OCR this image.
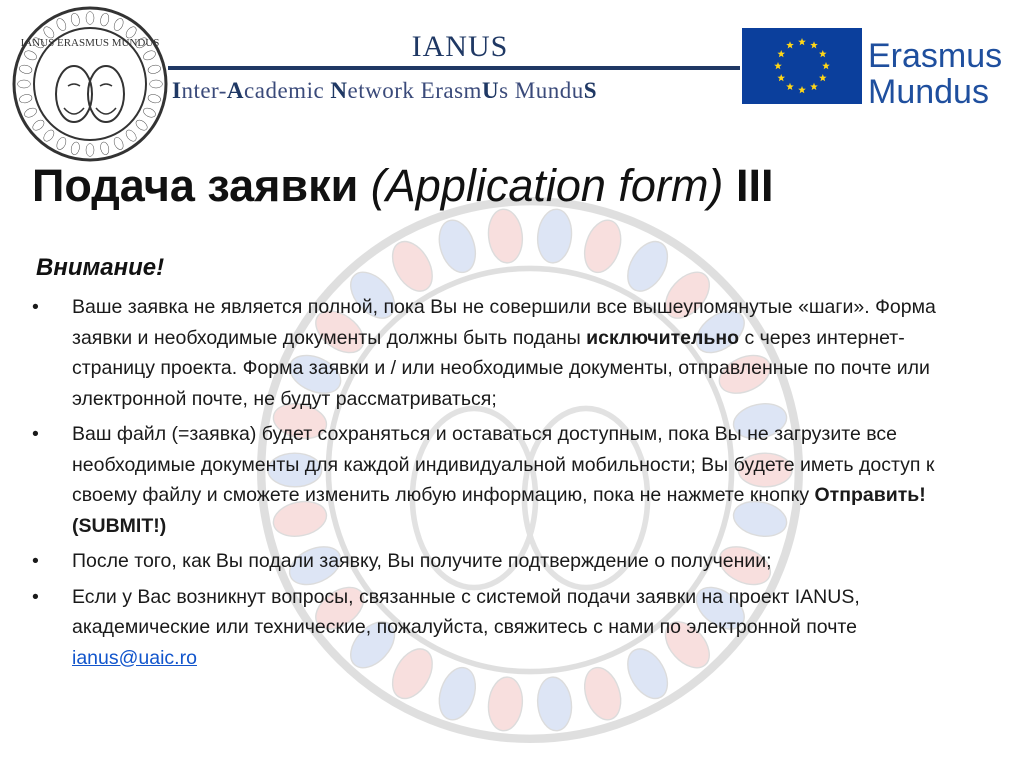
IANUS ERASMUS MUNDUS	IANUS
Inter-Academic Network ErasmUs MunduS
Erasmus
Mundus
Подача заявки (Application form) III
Внимание!
• Ваше заявка не является полной, пока Вы не совершили все вышеупомянутые «шаги». Форма заявки и необходимые документы должны быть поданы исключительно с через интернет-страницу проекта. Форма заявки и / или необходимые документы, отправленные по почте или электронной почте, не будут рассматриваться;
• Ваш файл (=заявка) будет сохраняться и оставаться доступным, пока Вы не загрузите все необходимые документы для каждой индивидуальной мобильности; Вы будете иметь доступ к своему файлу и сможете изменить любую информацию, пока не нажмете кнопку Отправить! (SUBMIT!)
• После того, как Вы подали заявку, Вы получите подтверждение о получении;
• Если у Вас возникнут вопросы, связанные с системой подачи заявки на проект IANUS, академические или технические, пожалуйста, свяжитесь с нами по электронной почте ianus@uaic.ro
